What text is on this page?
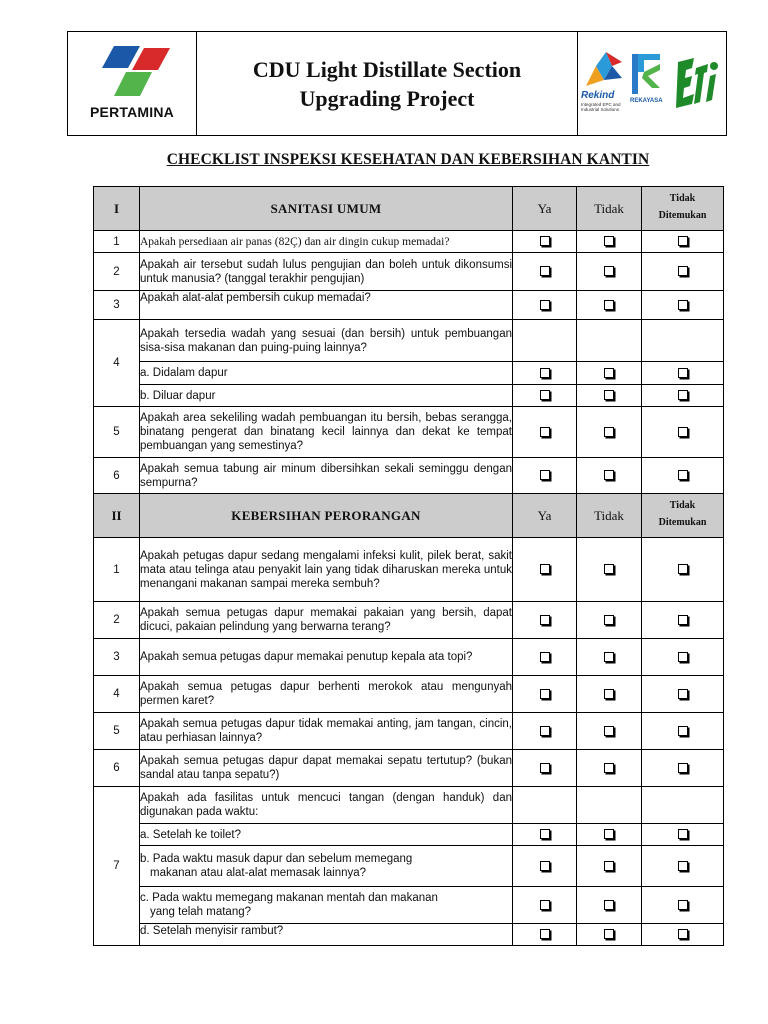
PERTAMINA
CDU Light Distillate Section
Upgrading Project	Rekind
Integrated EPC and Industrial Solutions
REKAYASA
CHECKLIST INSPEKSI KESEHATAN DAN KEBERSIHAN KANTIN
I	SANITASI UMUM	Ya	Tidak	Tidak
Ditemukan

1	Apakah persediaan air panas (82Ç) dan air dingin cukup memadai?			
2	Apakah air tersebut sudah lulus pengujian dan boleh untuk dikonsumsi untuk manusia? (tanggal terakhir pengujian)			
3	Apakah alat-alat pembersih cukup memadai?			
4	Apakah tersedia wadah yang sesuai (dan bersih) untuk pembuangan sisa-sisa makanan dan puing-puing lainnya?			
	a. Didalam dapur			
	b. Diluar dapur			
5	Apakah area sekeliling wadah pembuangan itu bersih, bebas serangga, binatang pengerat dan binatang kecil lainnya dan dekat ke tempat pembuangan yang semestinya?			
6	Apakah semua tabung air minum dibersihkan sekali seminggu dengan sempurna?			
II	KEBERSIHAN PERORANGAN	Ya	Tidak	Tidak
Ditemukan

1	Apakah petugas dapur sedang mengalami infeksi kulit, pilek berat, sakit mata atau telinga atau penyakit lain yang tidak diharuskan mereka untuk menangani makanan sampai mereka sembuh?			
2	Apakah semua petugas dapur memakai pakaian yang bersih, dapat dicuci, pakaian pelindung yang berwarna terang?			
3	Apakah semua petugas dapur memakai penutup kepala ata topi?			
4	Apakah semua petugas dapur berhenti merokok atau mengunyah permen karet?			
5	Apakah semua petugas dapur tidak memakai anting, jam tangan, cincin, atau perhiasan lainnya?			
6	Apakah semua petugas dapur dapat memakai sepatu tertutup? (bukan sandal atau tanpa sepatu?)			
7	Apakah ada fasilitas untuk mencuci tangan (dengan handuk) dan digunakan pada waktu:			
	a. Setelah ke toilet?			
	b. Pada waktu masuk dapur dan sebelum memegang
makanan atau alat-alat memasak lainnya?			

	c. Pada waktu memegang makanan mentah dan makanan
yang telah matang?			

	d. Setelah menyisir rambut?			
